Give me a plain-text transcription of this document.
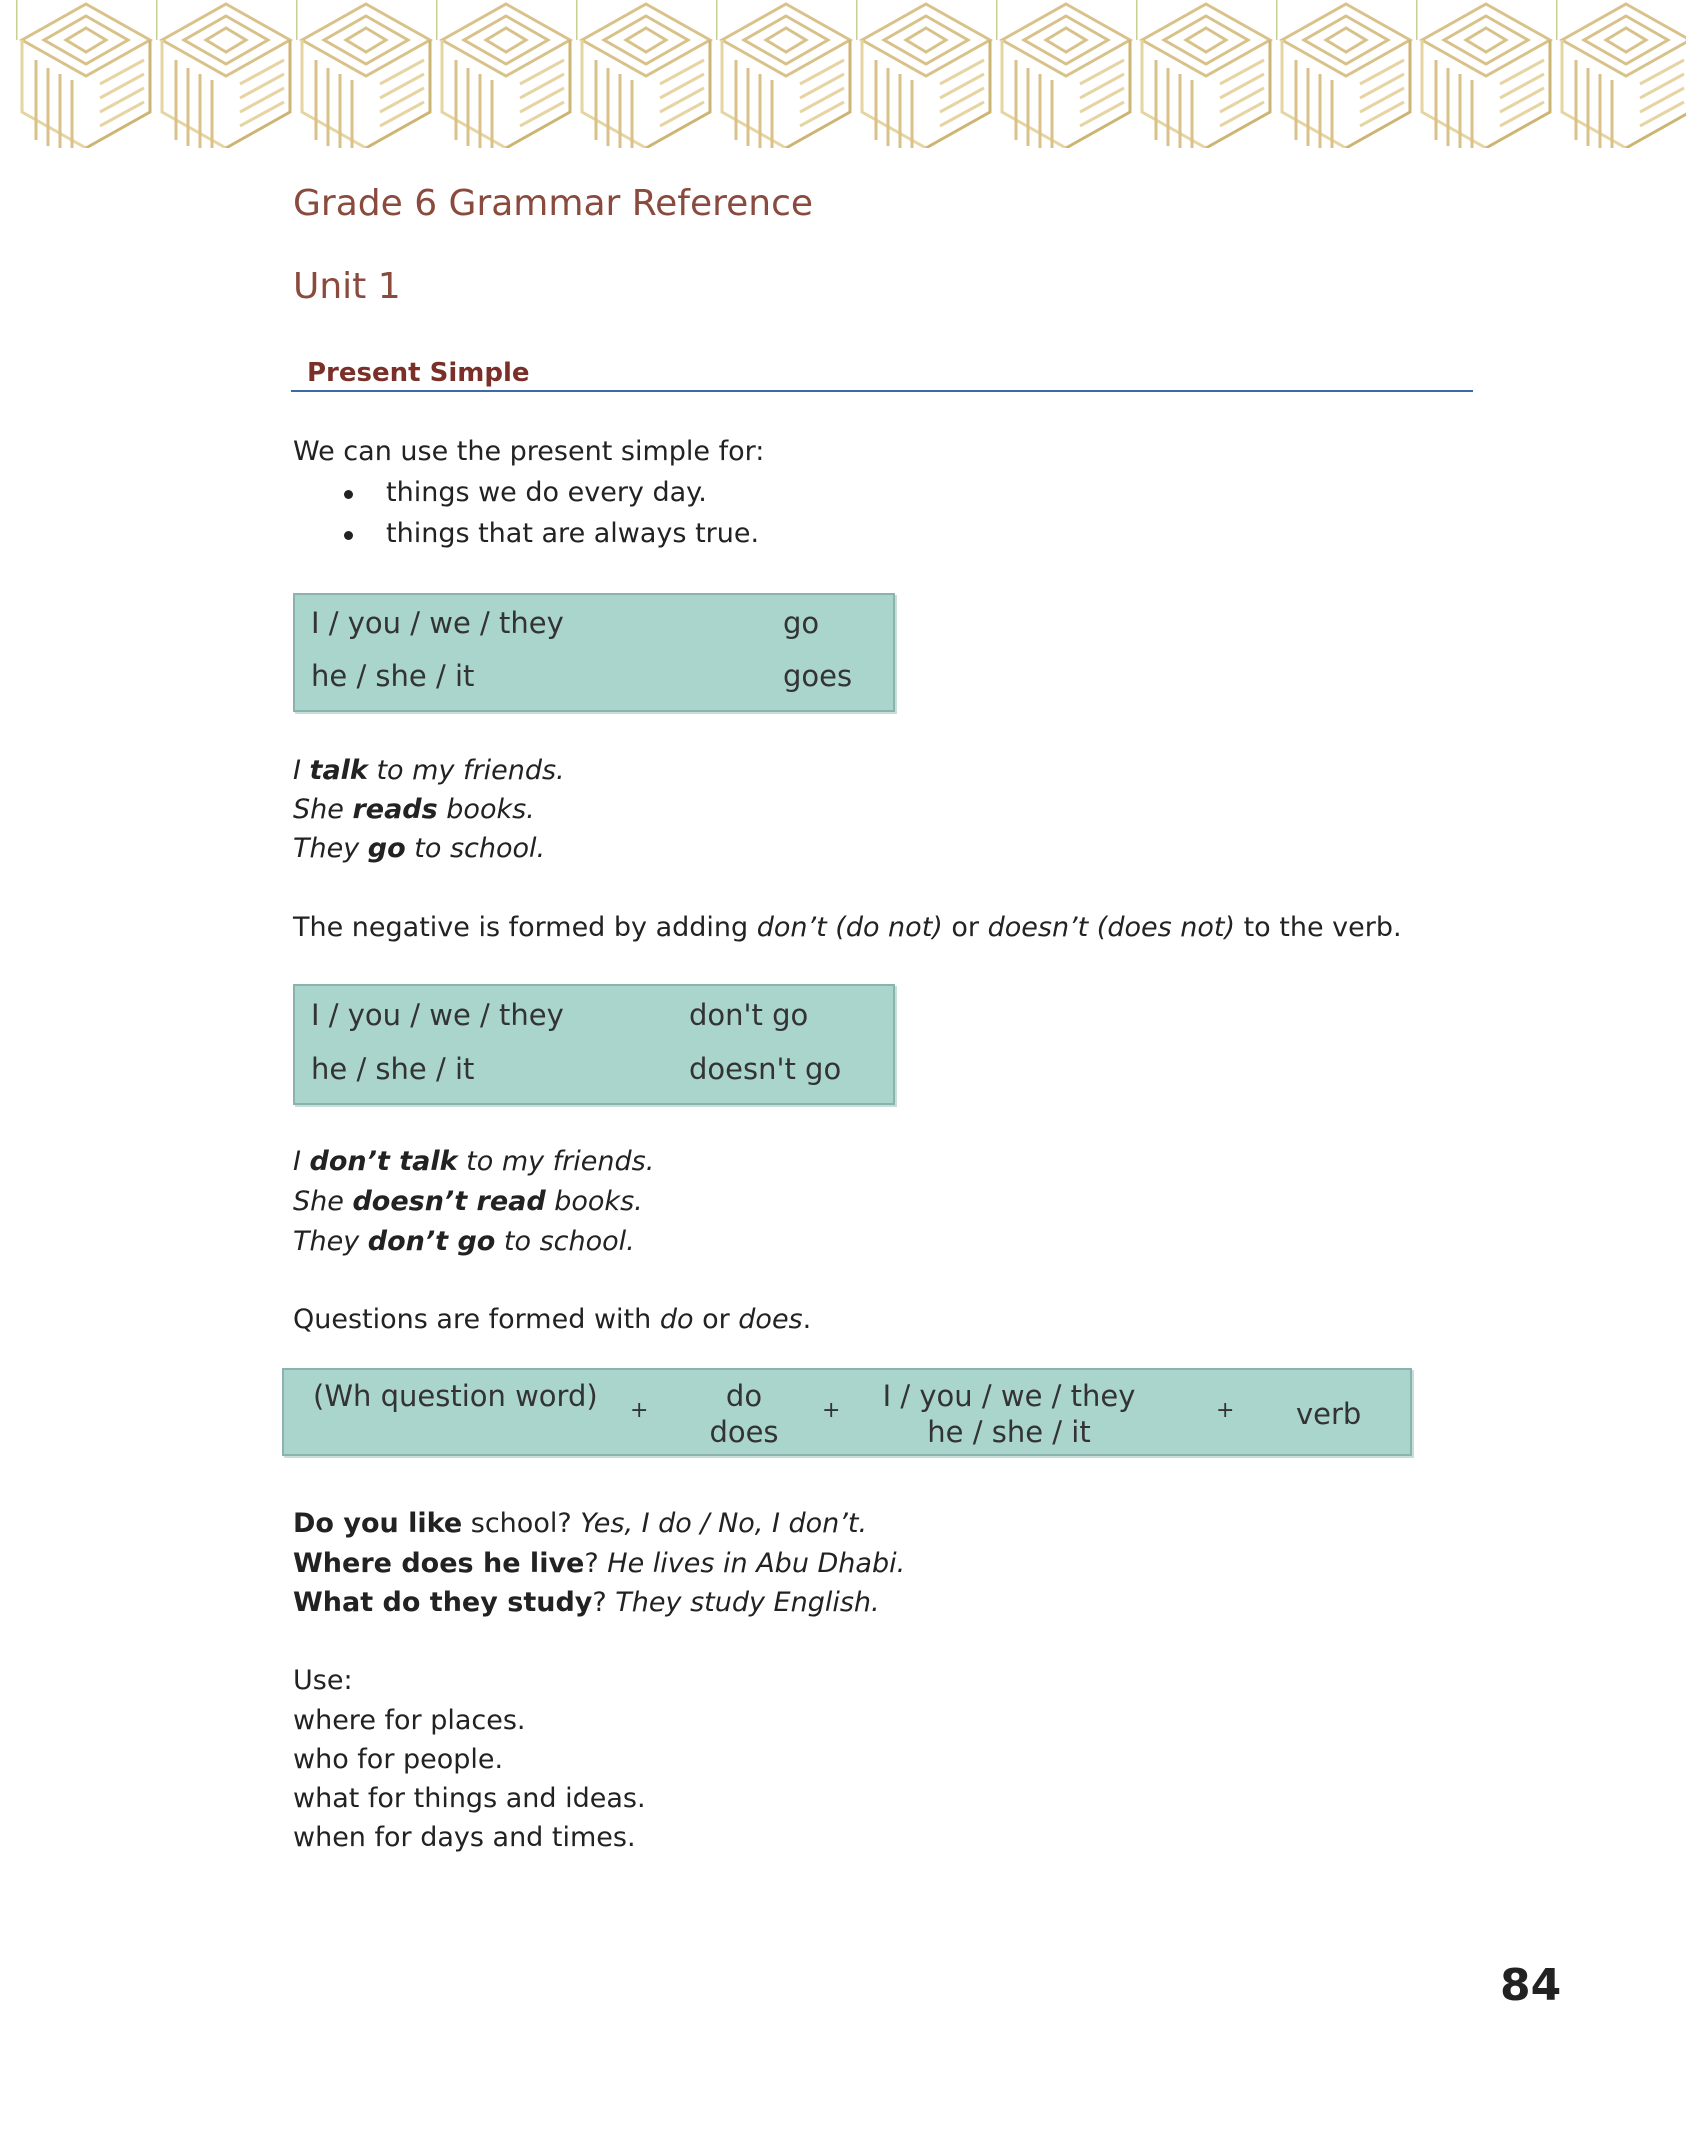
Grade 6 Grammar Reference
Unit 1
Present Simple
We can use the present simple for:
things we do every day.
things that are always true.
I / you / we / they	go
he / she / it	goes
I talk to my friends.
She reads books.
They go to school.
The negative is formed by adding don’t (do not) or doesn’t (does not) to the verb.
I / you / we / they	don't go
he / she / it	doesn't go
I don’t talk to my friends.
She doesn’t read books.
They don’t go to school.
Questions are formed with do or does.
(Wh question word) +	do
does
+	I / you / we / they
he / she / it
+ verb
Do you like school? Yes, I do / No, I don’t.
Where does he live? He lives in Abu Dhabi.
What do they study? They study English.
Use:
where for places.
who for people.
what for things and ideas.
when for days and times.
84
